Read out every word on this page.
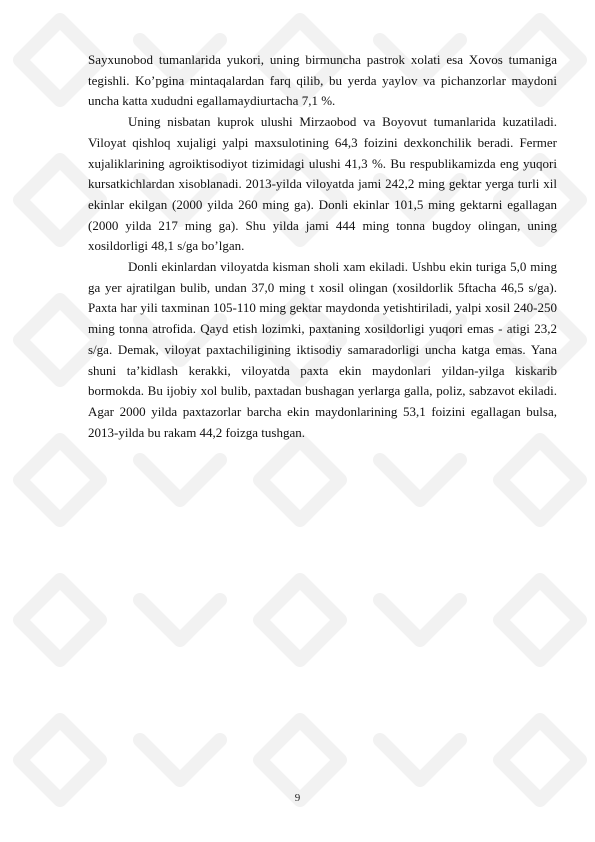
Sayxunobod tumanlarida yukori, uning birmuncha pastrok xolati esa Xovos tumaniga tegishli. Ko’pgina mintaqalardan farq qilib, bu yerda yaylov va pichanzorlar maydoni uncha katta xududni egallamaydiurtacha 7,1 %.

Uning nisbatan kuprok ulushi Mirzaobod va Boyovut tumanlarida kuzatiladi. Viloyat qishloq xujaligi yalpi maxsulotining 64,3 foizini dexkonchilik beradi. Fermer xujaliklarining agroiktisodiyot tizimidagi ulushi 41,3 %. Bu respublikamizda eng yuqori kursatkichlardan xisoblanadi. 2013-yilda viloyatda jami 242,2 ming gektar yerga turli xil ekinlar ekilgan (2000 yilda 260 ming ga). Donli ekinlar 101,5 ming gektarni egallagan (2000 yilda 217 ming ga). Shu yilda jami 444 ming tonna bugdoy olingan, uning xosildorligi 48,1 s/ga bo’lgan.

Donli ekinlardan viloyatda kisman sholi xam ekiladi. Ushbu ekin turiga 5,0 ming ga yer ajratilgan bulib, undan 37,0 ming t xosil olingan (xosildorlik 5ftacha 46,5 s/ga). Paxta har yili taxminan 105-110 ming gektar maydonda yetishtiriladi, yalpi xosil 240-250 ming tonna atrofida. Qayd etish lozimki, paxtaning xosildorligi yuqori emas - atigi 23,2 s/ga. Demak, viloyat paxtachiligining iktisodiy samaradorligi uncha katga emas. Yana shuni ta’kidlash kerakki, viloyatda paxta ekin maydonlari yildan-yilga kiskarib bormokda. Bu ijobiy xol bulib, paxtadan bushagan yerlarga galla, poliz, sabzavot ekiladi. Agar 2000 yilda paxtazorlar barcha ekin maydonlarining 53,1 foizini egallagan bulsa, 2013-yilda bu rakam 44,2 foizga tushgan.

9
